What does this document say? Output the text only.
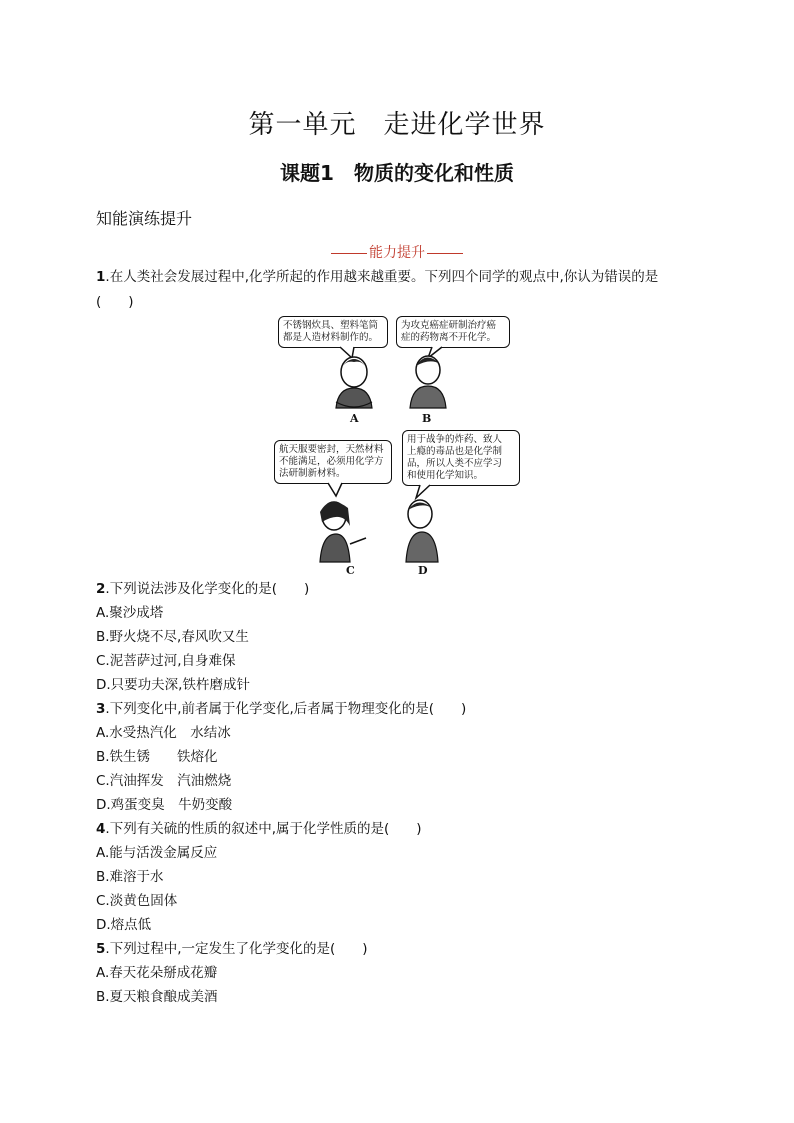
第一单元　走进化学世界
课题1　物质的变化和性质
知能演练提升
能力提升
1.在人类社会发展过程中,化学所起的作用越来越重要。下列四个同学的观点中,你认为错误的是
(　　)
不锈钢炊具、塑料笔筒
都是人造材料制作的。
为攻克癌症研制治疗癌
症的药物离不开化学。
航天服要密封，天然材料
不能满足，必须用化学方
法研制新材料。
用于战争的炸药、致人
上瘾的毒品也是化学制
品，所以人类不应学习
和使用化学知识。
A	B
C	D
2.下列说法涉及化学变化的是(　　)
A.聚沙成塔
B.野火烧不尽,春风吹又生
C.泥菩萨过河,自身难保
D.只要功夫深,铁杵磨成针
3.下列变化中,前者属于化学变化,后者属于物理变化的是(　　)
A.水受热汽化　水结冰
B.铁生锈　　铁熔化
C.汽油挥发　汽油燃烧
D.鸡蛋变臭　牛奶变酸
4.下列有关硫的性质的叙述中,属于化学性质的是(　　)
A.能与活泼金属反应
B.难溶于水
C.淡黄色固体
D.熔点低
5.下列过程中,一定发生了化学变化的是(　　)
A.春天花朵掰成花瓣
B.夏天粮食酿成美酒
